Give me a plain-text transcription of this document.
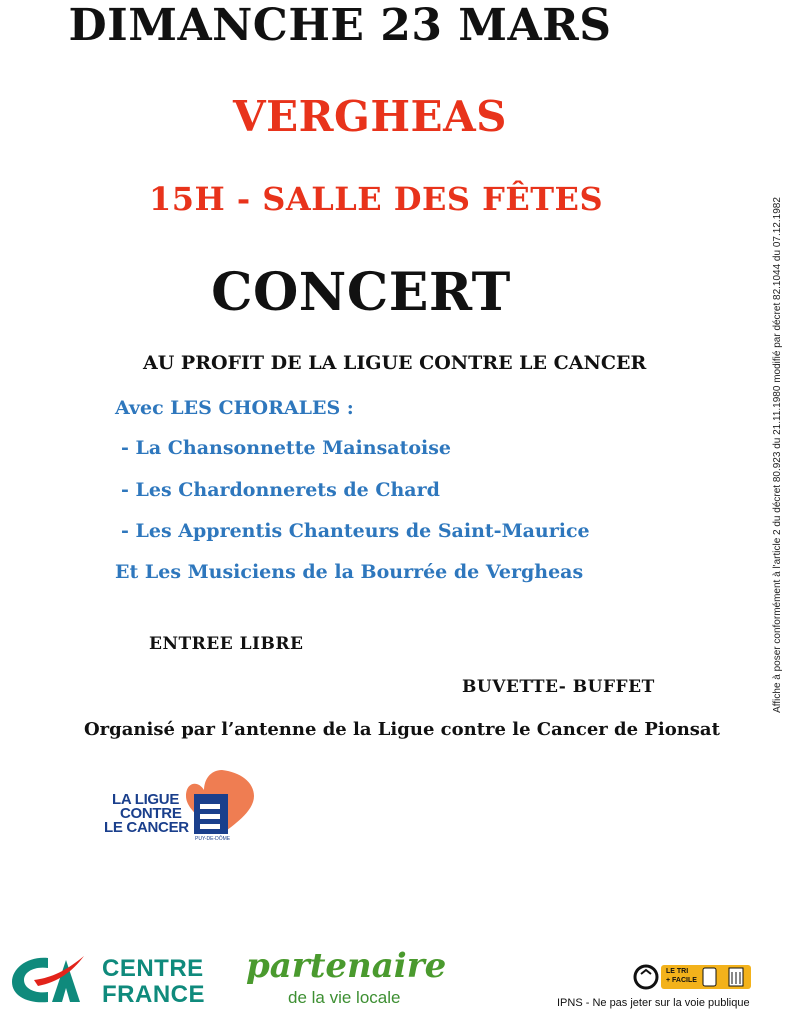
DIMANCHE 23 MARS
VERGHEAS
15H - SALLE DES FÊTES
CONCERT
AU PROFIT DE LA LIGUE CONTRE LE CANCER
Avec LES CHORALES :
- La Chansonnette Mainsatoise
- Les Chardonnerets de Chard
- Les Apprentis Chanteurs de Saint-Maurice
Et Les Musiciens de la Bourrée de Vergheas
ENTREE LIBRE
BUVETTE- BUFFET
Organisé par l’antenne de la Ligue contre le Cancer de Pionsat
Affiche à poser conformément à l'article 2 du décret 80.923 du 21.11.1980 modifié par décret 82.1044 du 07.12.1982
LA LIGUE
CONTRE
LE CANCER
PUY-DE-DÔME
CENTRE
FRANCE
partenaire
de la vie locale
LE TRI
+ FACILE
IPNS - Ne pas jeter sur la voie publique
